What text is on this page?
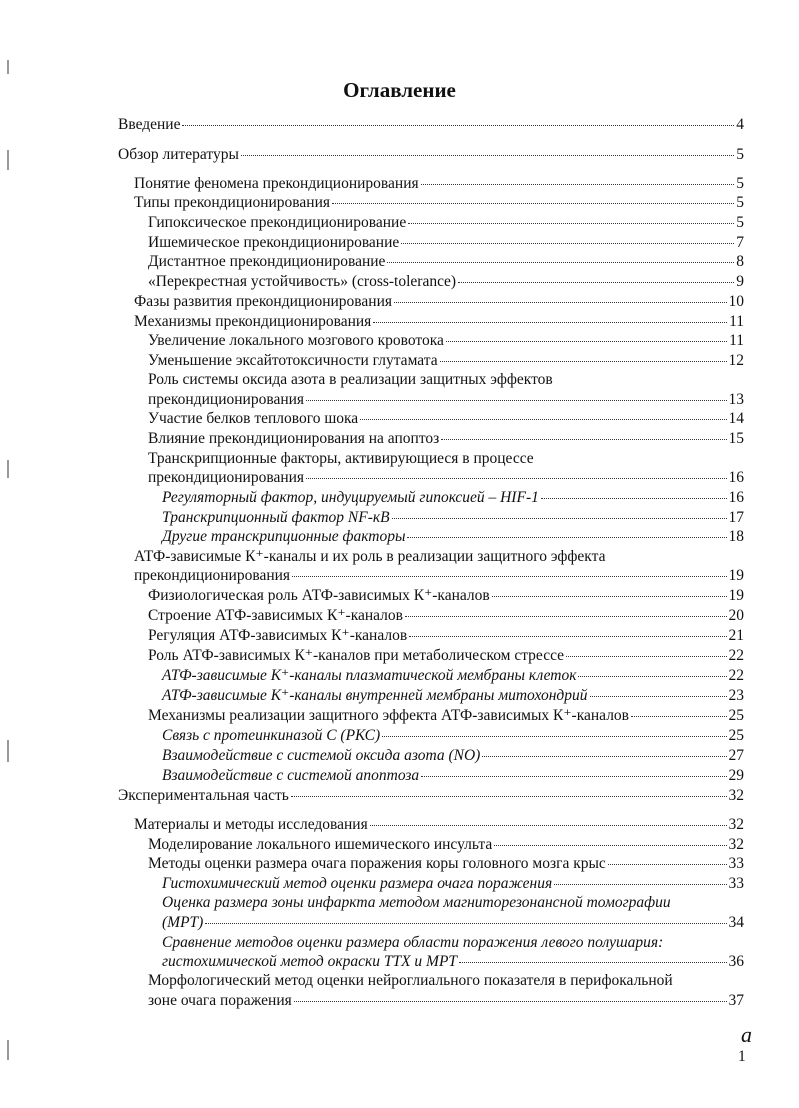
Оглавление
Введение	4
Обзор литературы	5
Понятие феномена прекондиционирования	5
Типы прекондиционирования	5
Гипоксическое прекондиционирование	5
Ишемическое прекондиционирование	7
Дистантное прекондиционирование	8
«Перекрестная устойчивость» (cross-tolerance)	9
Фазы развития прекондиционирования	10
Механизмы прекондиционирования	11
Увеличение локального мозгового кровотока	11
Уменьшение эксайтотоксичности глутамата	12
Роль системы оксида азота в реализации защитных эффектов
прекондиционирования	13
Участие белков теплового шока	14
Влияние прекондиционирования на апоптоз	15
Транскрипционные факторы, активирующиеся в процессе
прекондиционирования	16
Регуляторный фактор, индуцируемый гипоксией – HIF-1	16
Транскрипционный фактор NF-кВ	17
Другие транскрипционные факторы	18
АТФ-зависимые К⁺-каналы и их роль в реализации защитного эффекта
прекондиционирования	19
Физиологическая роль АТФ-зависимых К⁺-каналов	19
Строение АТФ-зависимых К⁺-каналов	20
Регуляция АТФ-зависимых К⁺-каналов	21
Роль АТФ-зависимых К⁺-каналов при метаболическом стрессе	22
АТФ-зависимые К⁺-каналы плазматической мембраны клеток	22
АТФ-зависимые К⁺-каналы внутренней мембраны митохондрий	23
Механизмы реализации защитного эффекта АТФ-зависимых К⁺-каналов	25
Связь с протеинкиназой С (РКС)	25
Взаимодействие с системой оксида азота (NO)	27
Взаимодействие с системой апоптоза	29
Экспериментальная часть	32
Материалы и методы исследования	32
Моделирование локального ишемического инсульта	32
Методы оценки размера очага поражения коры головного мозга крыс	33
Гистохимический метод оценки размера очага поражения	33
Оценка размера зоны инфаркта методом магниторезонансной томографии
(МРТ)	34
Сравнение методов оценки размера области поражения левого полушария:
гистохимической метод окраски ТТХ и МРТ	36
Морфологический метод оценки нейроглиального показателя в перифокальной
зоне очага поражения	37
a
1
